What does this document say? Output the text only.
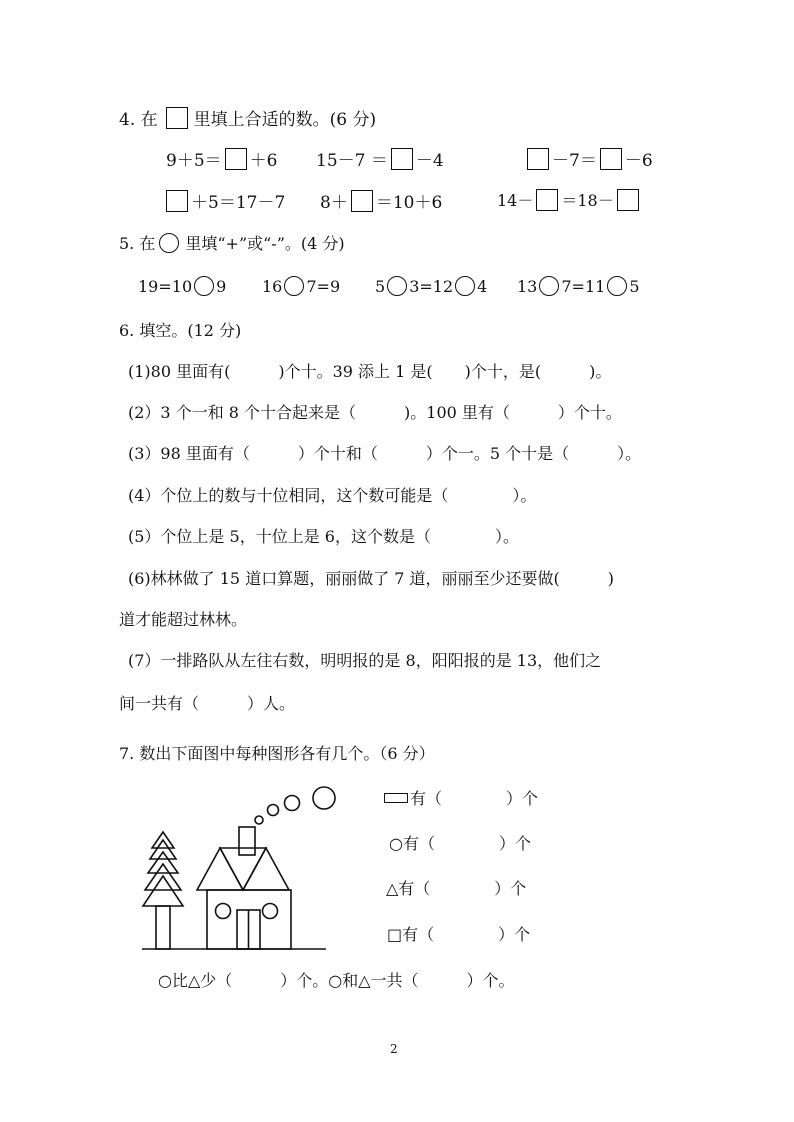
4. 在 里填上合适的数。(6 分)
9＋5＝ ＋6 15－7 ＝ －4	－7＝ －6
＋5＝17－7 8＋ ＝10＋6	14－ ＝18－
5. 在 里填“+”或“-”。(4 分)
19=10 9 16 7=9 5 3=12 4 13 7=11 5
6. 填空。(12 分)
(1)80 里面有(　　　)个十。39 添上 1 是(　　)个十，是(　　　)。
(2）3 个一和 8 个十合起来是（　　　)。100 里有（　　　）个十。
(3）98 里面有（　　　）个十和（　　　）个一。5 个十是（　　　）。
(4）个位上的数与十位相同，这个数可能是（　　　　）。
(5）个位上是 5，十位上是 6，这个数是（　　　　）。
(6)林林做了 15 道口算题，丽丽做了 7 道，丽丽至少还要做(　　　)
道才能超过林林。
(7）一排路队从左往右数，明明报的是 8，阳阳报的是 13，他们之
间一共有（　　　）人。
7. 数出下面图中每种图形各有几个。（6 分）
有（　　　　）个
○有（　　　　）个
△有（　　　　）个
□有（　　　　）个
○比△少（　　　）个。○和△一共（　　　）个。
2
